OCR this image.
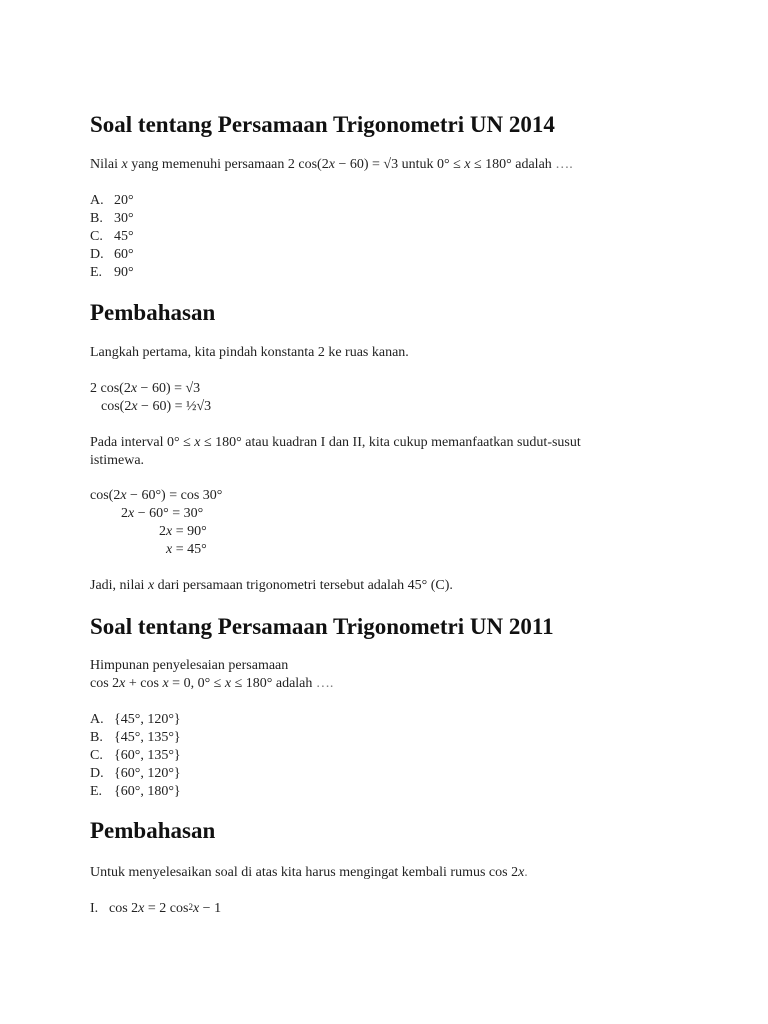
Soal tentang Persamaan Trigonometri UN 2014
Nilai x yang memenuhi persamaan 2 cos(2x − 60) = √3 untuk 0° ≤ x ≤ 180° adalah ….
A. 20°
B. 30°
C. 45°
D. 60°
E. 90°
Pembahasan
Langkah pertama, kita pindah konstanta 2 ke ruas kanan.
2 cos(2x − 60) = √3
cos(2x − 60) = ½√3
Pada interval 0° ≤ x ≤ 180° atau kuadran I dan II, kita cukup memanfaatkan sudut-susut
istimewa.
cos(2x − 60°) = cos 30°
2x − 60° = 30°
2x = 90°
x = 45°
Jadi, nilai x dari persamaan trigonometri tersebut adalah 45° (C).
Soal tentang Persamaan Trigonometri UN 2011
Himpunan penyelesaian persamaan
cos 2x + cos x = 0, 0° ≤ x ≤ 180° adalah ….
A. {45°, 120°}
B. {45°, 135°}
C. {60°, 135°}
D. {60°, 120°}
E. {60°, 180°}
Pembahasan
Untuk menyelesaikan soal di atas kita harus mengingat kembali rumus cos 2x.
I. cos 2x = 2 $\cos^2x - 1$
